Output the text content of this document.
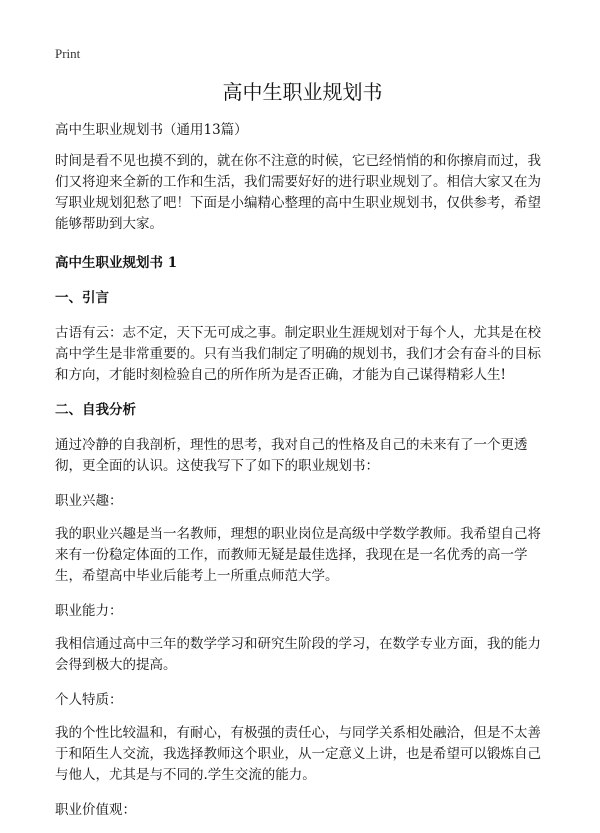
Print
高中生职业规划书

高中生职业规划书（通用13篇）

时间是看不见也摸不到的，就在你不注意的时候，它已经悄悄的和你擦肩而过，我们又将迎来全新的工作和生活，我们需要好好的进行职业规划了。相信大家又在为写职业规划犯愁了吧！下面是小编精心整理的高中生职业规划书，仅供参考，希望能够帮助到大家。

高中生职业规划书 1

一、引言

古语有云：志不定，天下无可成之事。制定职业生涯规划对于每个人，尤其是在校高中学生是非常重要的。只有当我们制定了明确的规划书，我们才会有奋斗的目标和方向，才能时刻检验自己的所作所为是否正确，才能为自己谋得精彩人生!

二、自我分析

通过冷静的自我剖析，理性的思考，我对自己的性格及自己的未来有了一个更透彻，更全面的认识。这使我写下了如下的职业规划书：

职业兴趣：

我的职业兴趣是当一名教师，理想的职业岗位是高级中学数学教师。我希望自己将来有一份稳定体面的工作，而教师无疑是最佳选择，我现在是一名优秀的高一学生，希望高中毕业后能考上一所重点师范大学。

职业能力：

我相信通过高中三年的数学学习和研究生阶段的学习，在数学专业方面，我的能力会得到极大的提高。

个人特质：

我的个性比较温和，有耐心，有极强的责任心，与同学关系相处融洽，但是不太善于和陌生人交流，我选择教师这个职业，从一定意义上讲，也是希望可以锻炼自己与他人，尤其是与不同的.学生交流的能力。

职业价值观：
